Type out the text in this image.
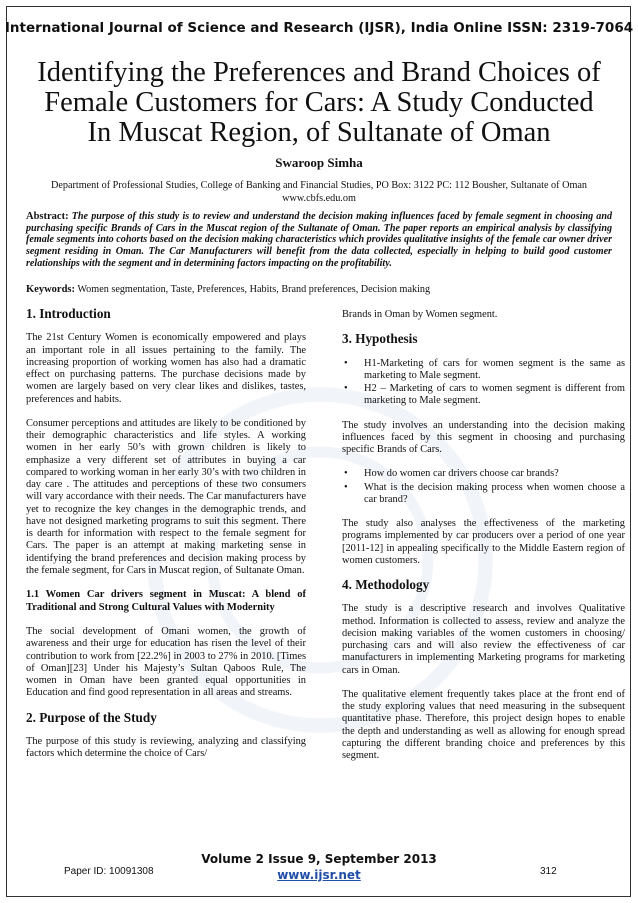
International Journal of Science and Research (IJSR), India Online ISSN: 2319-7064
Identifying the Preferences and Brand Choices of Female Customers for Cars: A Study Conducted In Muscat Region, of Sultanate of Oman
Swaroop Simha
Department of Professional Studies, College of Banking and Financial Studies, PO Box: 3122 PC: 112 Bousher, Sultanate of Oman
www.cbfs.edu.om
Abstract: The purpose of this study is to review and understand the decision making influences faced by female segment in choosing and purchasing specific Brands of Cars in the Muscat region of the Sultanate of Oman. The paper reports an empirical analysis by classifying female segments into cohorts based on the decision making characteristics which provides qualitative insights of the female car owner driver segment residing in Oman. The Car Manufacturers will benefit from the data collected, especially in helping to build good customer relationships with the segment and in determining factors impacting on the profitability.
Keywords: Women segmentation, Taste, Preferences, Habits, Brand preferences, Decision making
1. Introduction

The 21st Century Women is economically empowered and plays an important role in all issues pertaining to the family. The increasing proportion of working women has also had a dramatic effect on purchasing patterns. The purchase decisions made by women are largely based on very clear likes and dislikes, tastes, preferences and habits.

Consumer perceptions and attitudes are likely to be conditioned by their demographic characteristics and life styles. A working women in her early 50’s with grown children is likely to emphasize a very different set of attributes in buying a car compared to working woman in her early 30’s with two children in day care . The attitudes and perceptions of these two consumers will vary accordance with their needs. The Car manufacturers have yet to recognize the key changes in the demographic trends, and have not designed marketing programs to suit this segment. There is dearth for information with respect to the female segment for Cars. The paper is an attempt at making marketing sense in identifying the brand preferences and decision making process by the female segment, for Cars in Muscat region, of Sultanate Oman.

1.1 Women Car drivers segment in Muscat: A blend of Traditional and Strong Cultural Values with Modernity

The social development of Omani women, the growth of awareness and their urge for education has risen the level of their contribution to work from [22.2%] in 2003 to 27% in 2010. [Times of Oman][23] Under his Majesty’s Sultan Qaboos Rule, The women in Oman have been granted equal opportunities in Education and find good representation in all areas and streams.

2. Purpose of the Study

The purpose of this study is reviewing, analyzing and classifying factors which determine the choice of Cars/

Brands in Oman by Women segment.

3. Hypothesis
• H1-Marketing of cars for women segment is the same as marketing to Male segment.
• H2 – Marketing of cars to women segment is different from marketing to Male segment.

The study involves an understanding into the decision making influences faced by this segment in choosing and purchasing specific Brands of Cars.

• How do women car drivers choose car brands?
• What is the decision making process when women choose a car brand?

The study also analyses the effectiveness of the marketing programs implemented by car producers over a period of one year [2011-12] in appealing specifically to the Middle Eastern region of women customers.

4. Methodology

The study is a descriptive research and involves Qualitative method. Information is collected to assess, review and analyze the decision making variables of the women customers in choosing/ purchasing cars and will also review the effectiveness of car manufacturers in implementing Marketing programs for marketing cars in Oman.

The qualitative element frequently takes place at the front end of the study exploring values that need measuring in the subsequent quantitative phase. Therefore, this project design hopes to enable the depth and understanding as well as allowing for enough spread capturing the different branding choice and preferences by this segment.

Volume 2 Issue 9, September 2013
www.ijsr.net
Paper ID: 10091308	312
